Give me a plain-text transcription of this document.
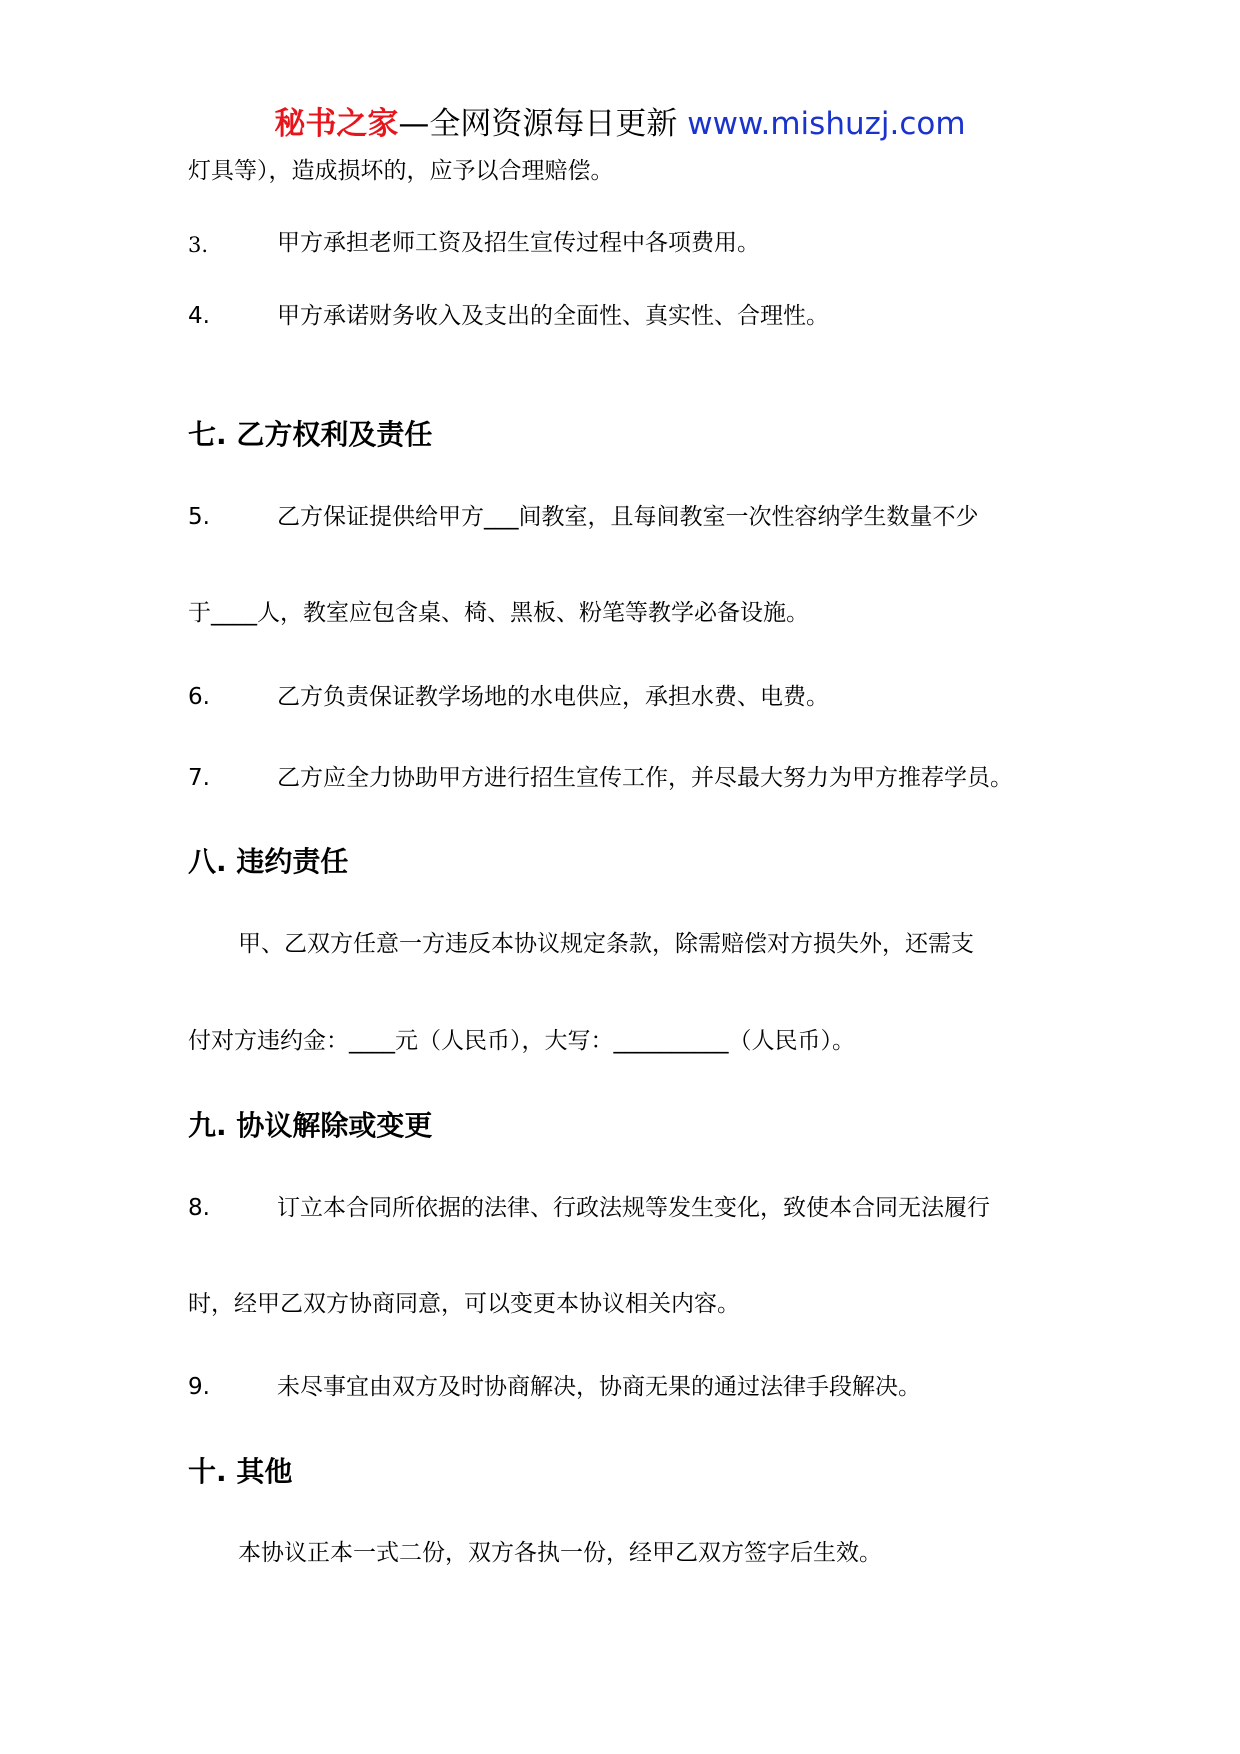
秘书之家—全网资源每日更新 www.mishuzj.com
灯具等），造成损坏的，应予以合理赔偿。
3.	甲方承担老师工资及招生宣传过程中各项费用。
4.	甲方承诺财务收入及支出的全面性、真实性、合理性。
七. 乙方权利及责任
5.	乙方保证提供给甲方___间教室，且每间教室一次性容纳学生数量不少
于____人，教室应包含桌、椅、黑板、粉笔等教学必备设施。
6.	乙方负责保证教学场地的水电供应，承担水费、电费。
7.	乙方应全力协助甲方进行招生宣传工作，并尽最大努力为甲方推荐学员。
八. 违约责任
甲、乙双方任意一方违反本协议规定条款，除需赔偿对方损失外，还需支
付对方违约金：____元（人民币），大写：__________（人民币）。
九. 协议解除或变更
8.	订立本合同所依据的法律、行政法规等发生变化，致使本合同无法履行
时，经甲乙双方协商同意，可以变更本协议相关内容。
9.	未尽事宜由双方及时协商解决，协商无果的通过法律手段解决。
十. 其他
本协议正本一式二份，双方各执一份，经甲乙双方签字后生效。
